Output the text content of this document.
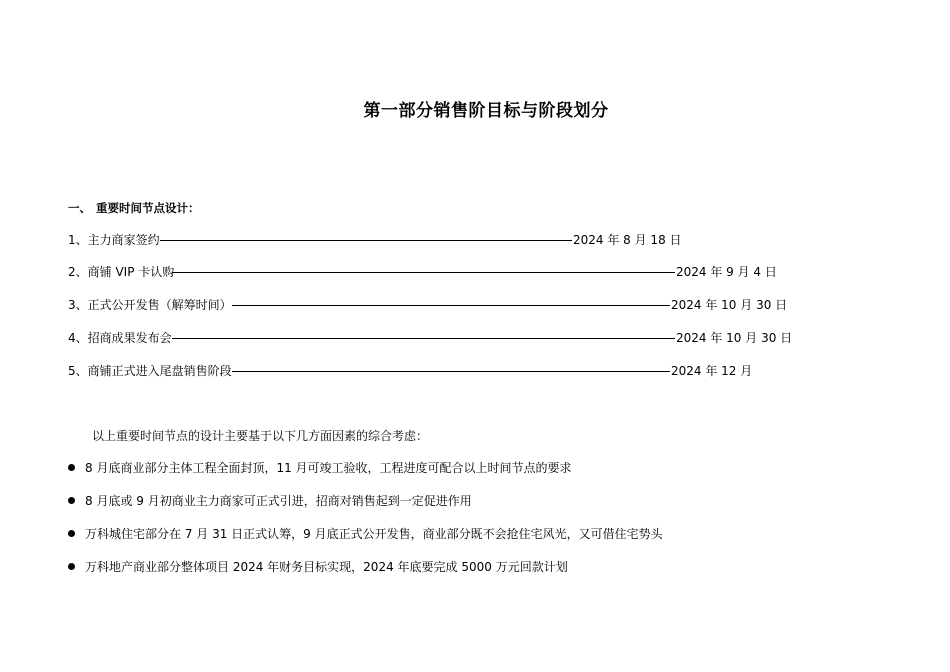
第一部分销售阶目标与阶段划分
一、 重要时间节点设计：
1、主力商家签约	2024 年 8 月 18 日
2、商铺 VIP 卡认购	2024 年 9 月 4 日
3、正式公开发售（解筹时间）	2024 年 10 月 30 日
4、招商成果发布会	2024 年 10 月 30 日
5、商铺正式进入尾盘销售阶段	2024 年 12 月
以上重要时间节点的设计主要基于以下几方面因素的综合考虑：
8 月底商业部分主体工程全面封顶，11 月可竣工验收，工程进度可配合以上时间节点的要求
8 月底或 9 月初商业主力商家可正式引进，招商对销售起到一定促进作用
万科城住宅部分在 7 月 31 日正式认筹，9 月底正式公开发售，商业部分既不会抢住宅风光，又可借住宅势头
万科地产商业部分整体项目 2024 年财务目标实现，2024 年底要完成 5000 万元回款计划
